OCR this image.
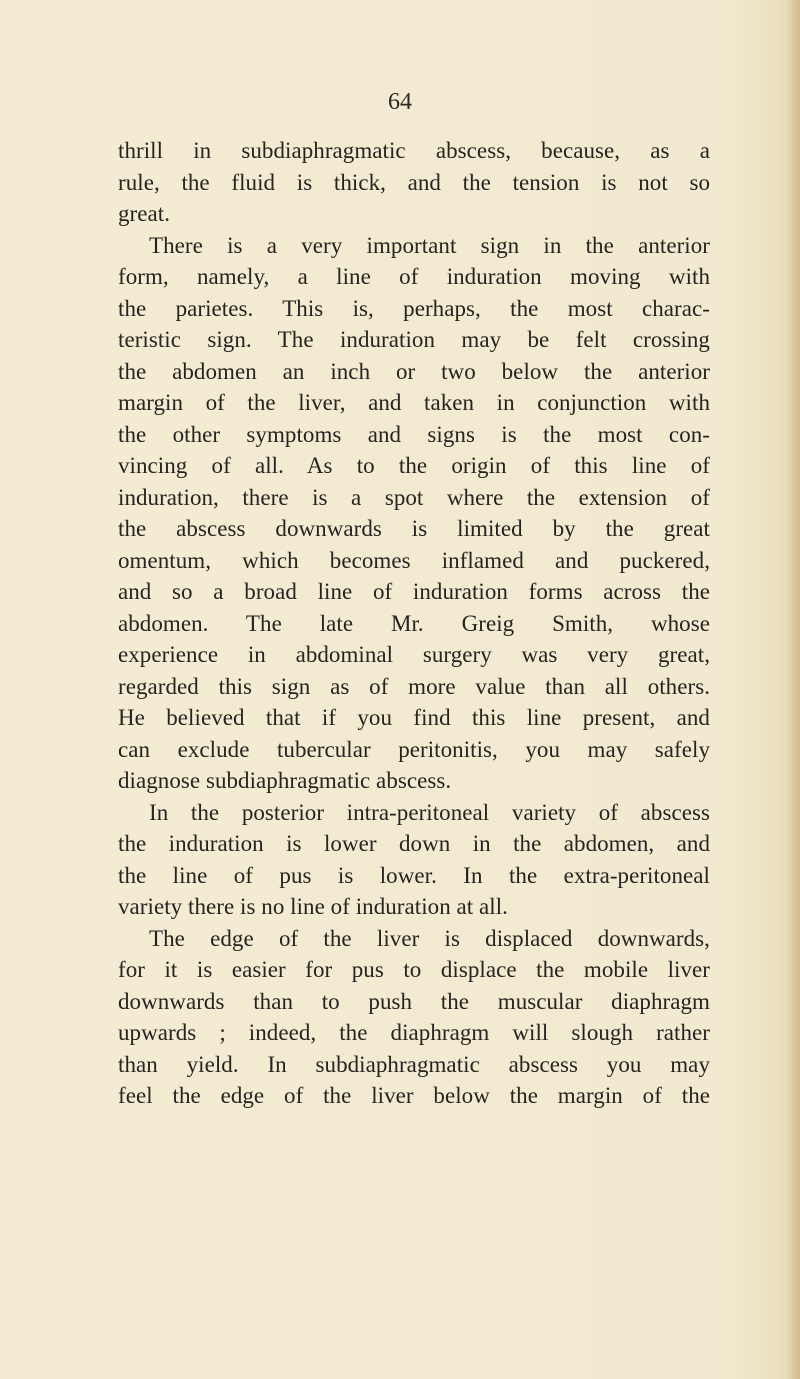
64
thrill in subdiaphragmatic abscess, because, as a
rule, the fluid is thick, and the tension is not so
great.
There is a very important sign in the anterior
form, namely, a line of induration moving with
the parietes. This is, perhaps, the most charac-
teristic sign. The induration may be felt crossing
the abdomen an inch or two below the anterior
margin of the liver, and taken in conjunction with
the other symptoms and signs is the most con-
vincing of all. As to the origin of this line of
induration, there is a spot where the extension of
the abscess downwards is limited by the great
omentum, which becomes inflamed and puckered,
and so a broad line of induration forms across the
abdomen. The late Mr. Greig Smith, whose
experience in abdominal surgery was very great,
regarded this sign as of more value than all others.
He believed that if you find this line present, and
can exclude tubercular peritonitis, you may safely
diagnose subdiaphragmatic abscess.
In the posterior intra-peritoneal variety of abscess
the induration is lower down in the abdomen, and
the line of pus is lower. In the extra-peritoneal
variety there is no line of induration at all.
The edge of the liver is displaced downwards,
for it is easier for pus to displace the mobile liver
downwards than to push the muscular diaphragm
upwards ; indeed, the diaphragm will slough rather
than yield. In subdiaphragmatic abscess you may
feel the edge of the liver below the margin of the
